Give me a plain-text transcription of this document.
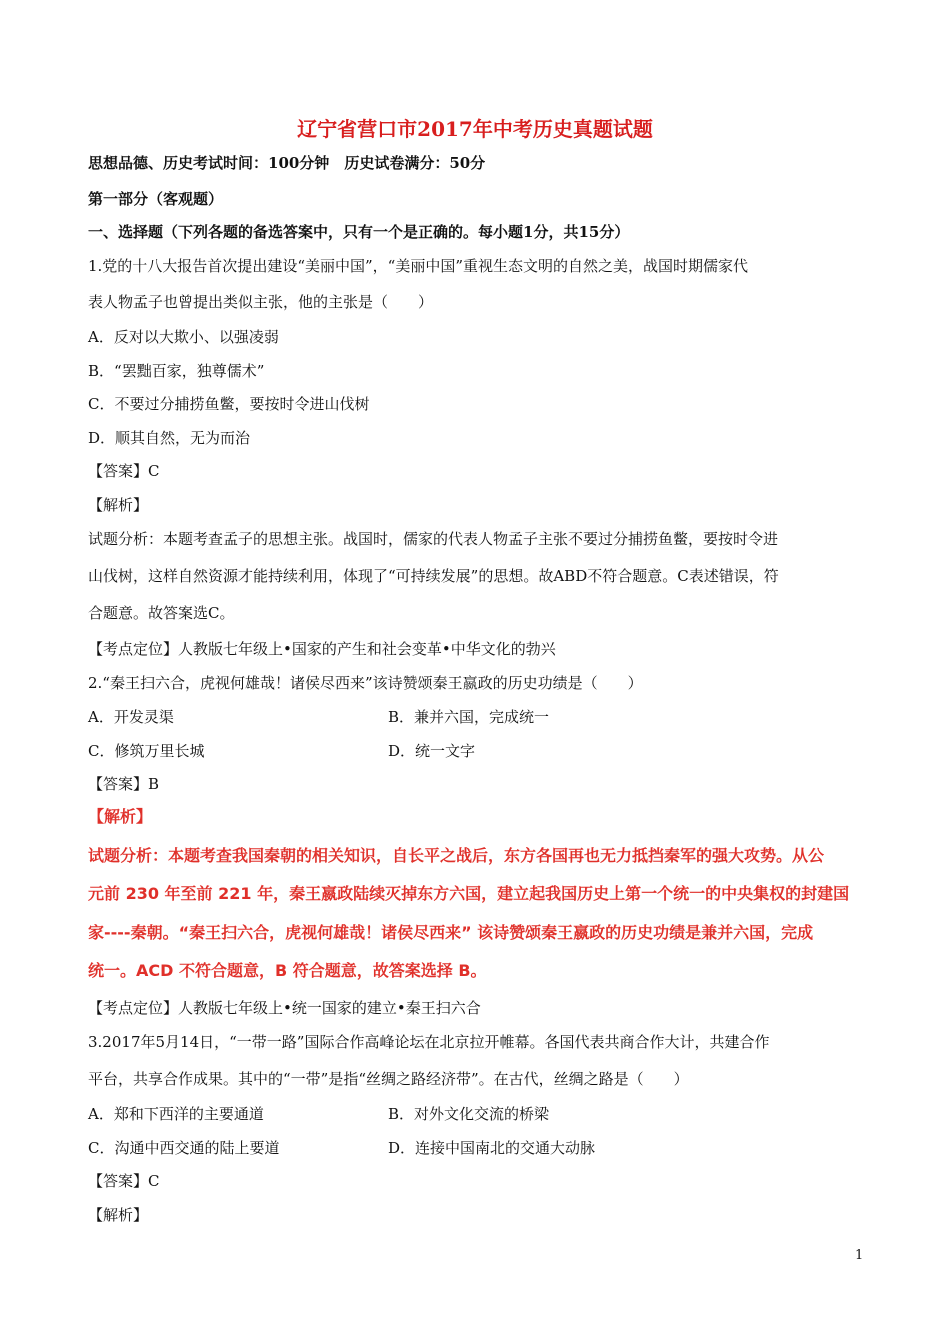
辽宁省营口市2017年中考历史真题试题
思想品德、历史考试时间：100分钟　历史试卷满分：50分
第一部分（客观题）
一、选择题（下列各题的备选答案中，只有一个是正确的。每小题1分，共15分）
1.党的十八大报告首次提出建设“美丽中国”，“美丽中国”重视生态文明的自然之美，战国时期儒家代
表人物孟子也曾提出类似主张，他的主张是（　　）
A．反对以大欺小、以强凌弱
B．“罢黜百家，独尊儒术”
C．不要过分捕捞鱼鳖，要按时令进山伐树
D．顺其自然，无为而治
【答案】C
【解析】
试题分析：本题考查孟子的思想主张。战国时，儒家的代表人物孟子主张不要过分捕捞鱼鳖，要按时令进
山伐树，这样自然资源才能持续利用，体现了“可持续发展”的思想。故ABD不符合题意。C表述错误，符
合题意。故答案选C。
【考点定位】人教版七年级上•国家的产生和社会变革•中华文化的勃兴
2.“秦王扫六合，虎视何雄哉！诸侯尽西来”该诗赞颂秦王嬴政的历史功绩是（　　）
A．开发灵渠	B．兼并六国，完成统一
C．修筑万里长城	D．统一文字
【答案】B
【解析】
试题分析：本题考查我国秦朝的相关知识，自长平之战后，东方各国再也无力抵挡秦军的强大攻势。从公
元前 230 年至前 221 年，秦王嬴政陆续灭掉东方六国，建立起我国历史上第一个统一的中央集权的封建国
家----秦朝。“秦王扫六合，虎视何雄哉！诸侯尽西来” 该诗赞颂秦王嬴政的历史功绩是兼并六国，完成
统一。ACD 不符合题意，B 符合题意，故答案选择 B。
【考点定位】人教版七年级上•统一国家的建立•秦王扫六合
3.2017年5月14日，“一带一路”国际合作高峰论坛在北京拉开帷幕。各国代表共商合作大计，共建合作
平台，共享合作成果。其中的“一带”是指“丝绸之路经济带”。在古代，丝绸之路是（　　）
A．郑和下西洋的主要通道	B．对外文化交流的桥梁
C．沟通中西交通的陆上要道	D．连接中国南北的交通大动脉
【答案】C
【解析】
1
